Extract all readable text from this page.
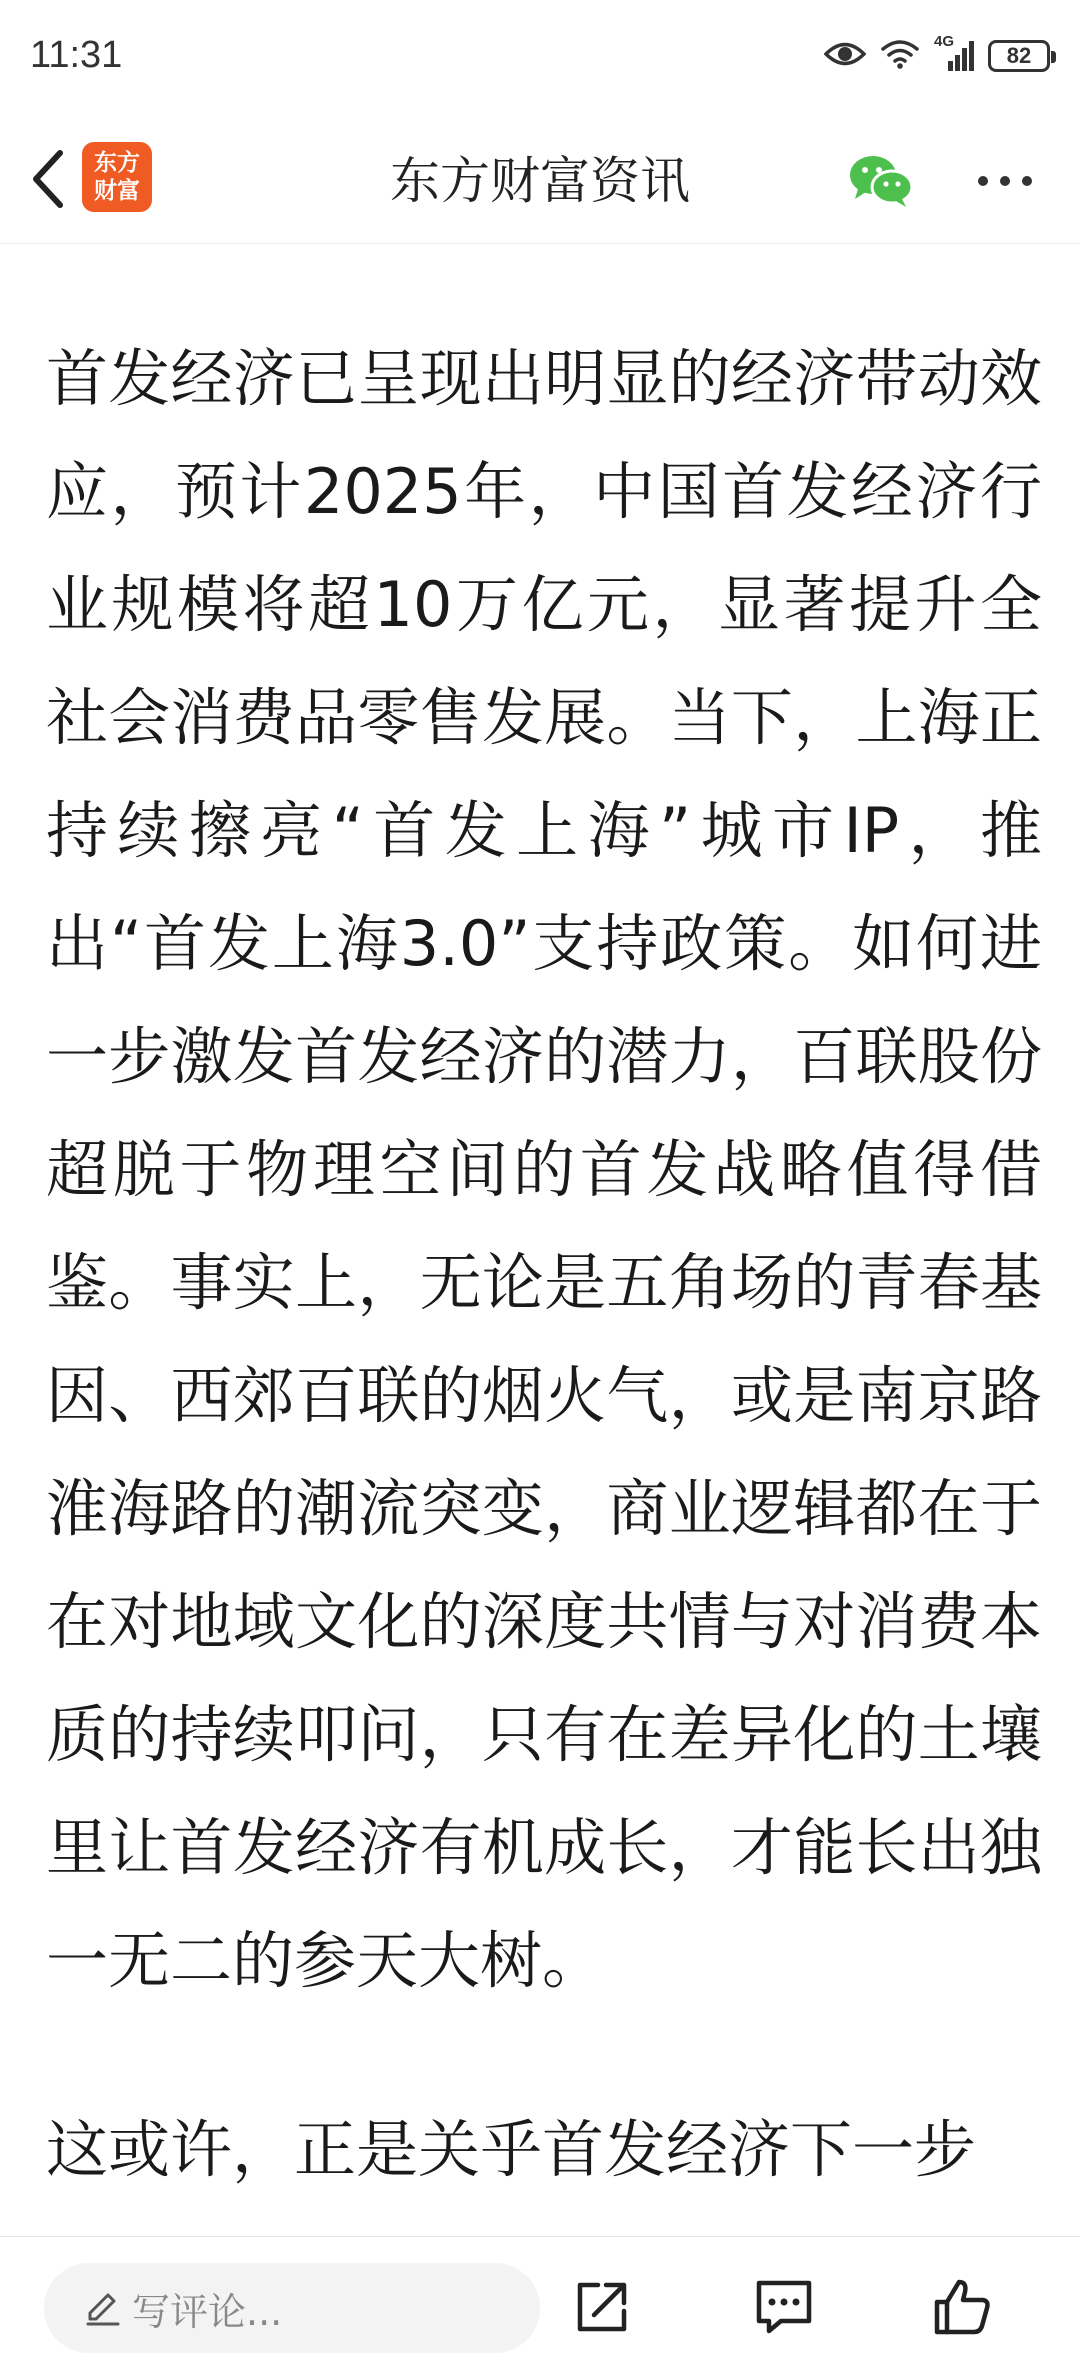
11:31	4G
82
东方
财富	东方财富资讯

首发经济已呈现出明显的经济带动效应，预计2025年，中国首发经济行业规模将超10万亿元，显著提升全社会消费品零售发展。当下，上海正持续擦亮“首发上海”城市IP，推出“首发上海3.0”支持政策。如何进一步激发首发经济的潜力，百联股份超脱于物理空间的首发战略值得借鉴。事实上，无论是五角场的青春基因、西郊百联的烟火气，或是南京路淮海路的潮流突变，商业逻辑都在于在对地域文化的深度共情与对消费本质的持续叩问，只有在差异化的土壤里让首发经济有机成长，才能长出独一无二的参天大树。

这或许，正是关乎首发经济下一步

写评论...
